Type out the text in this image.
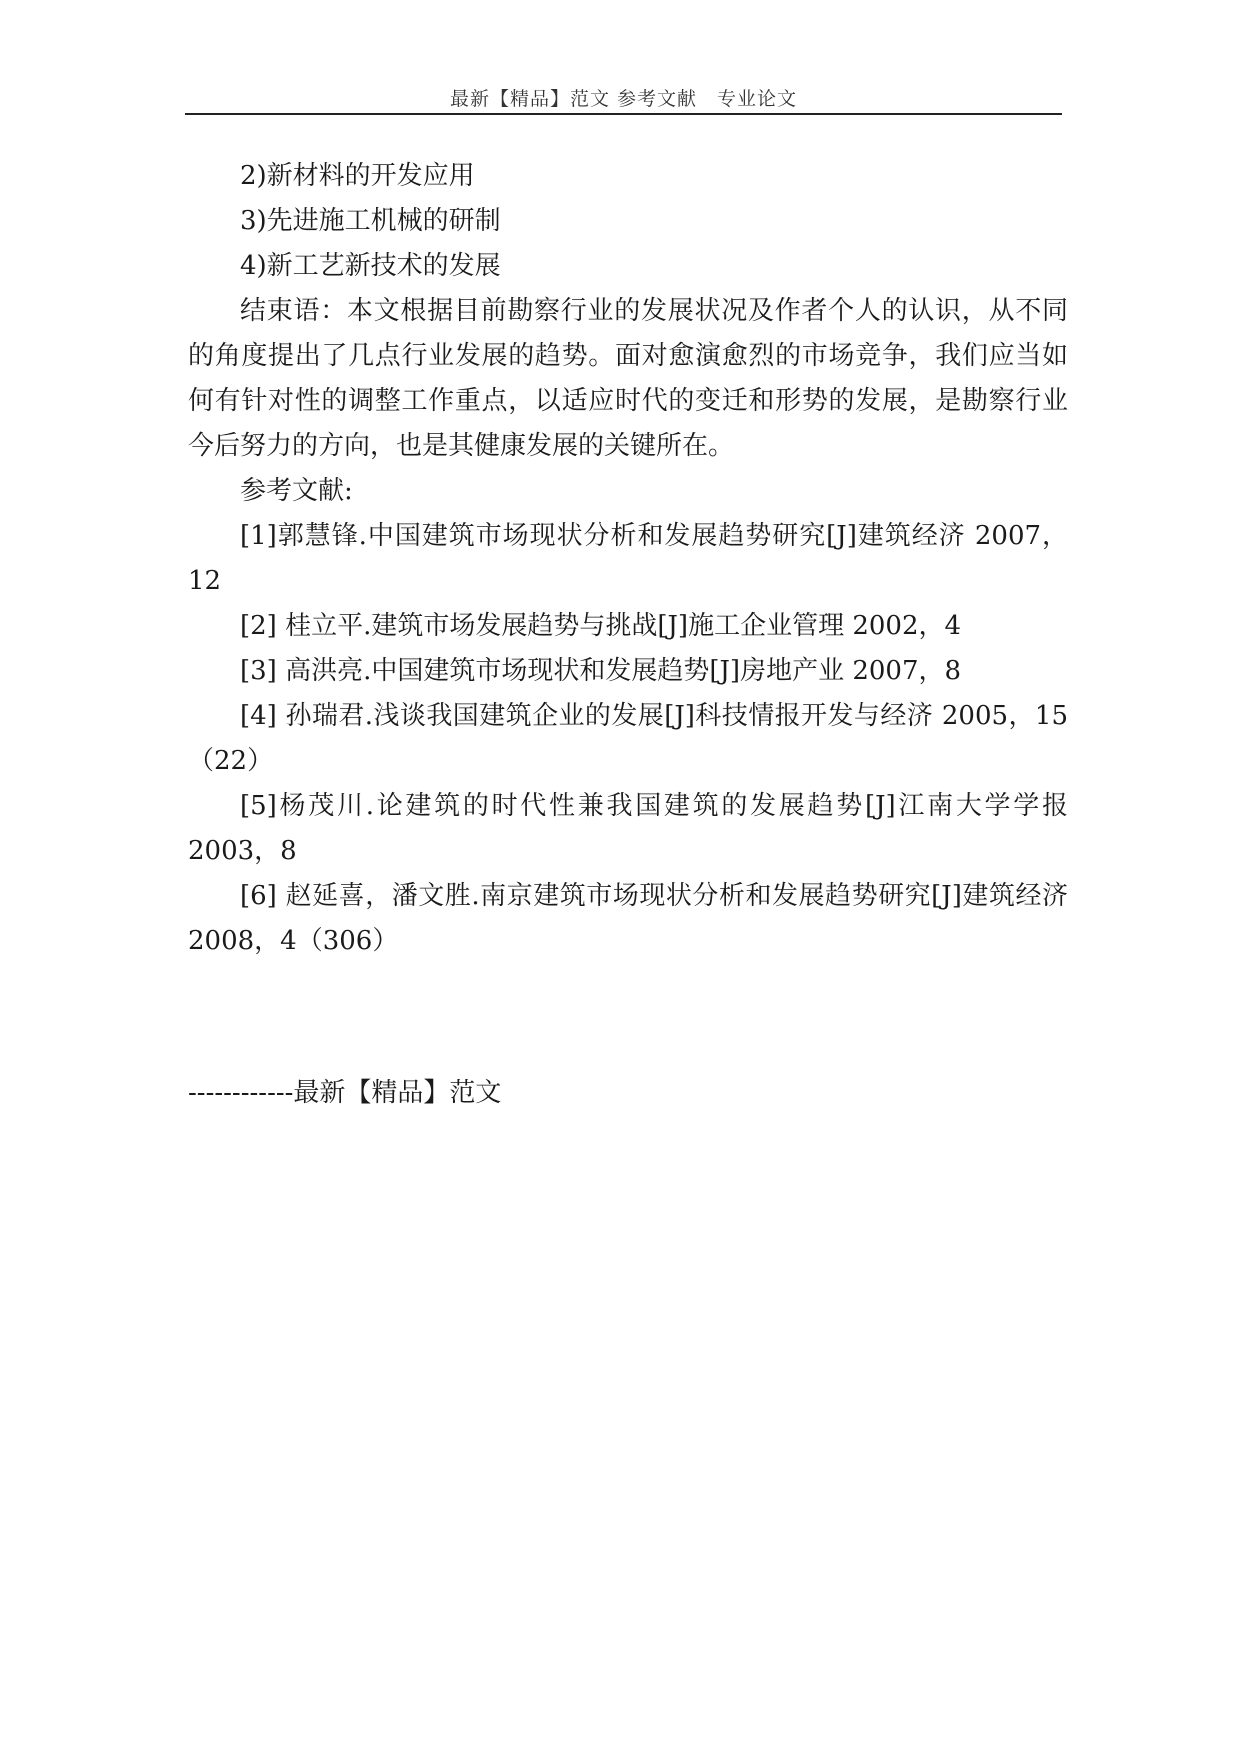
最新【精品】范文 参考文献　专业论文

2)新材料的开发应用

3)先进施工机械的研制

4)新工艺新技术的发展

结束语：本文根据目前勘察行业的发展状况及作者个人的认识，从不同的角度提出了几点行业发展的趋势。面对愈演愈烈的市场竞争，我们应当如何有针对性的调整工作重点，以适应时代的变迁和形势的发展，是勘察行业今后努力的方向，也是其健康发展的关键所在。

参考文献:

[1]郭慧锋.中国建筑市场现状分析和发展趋势研究[J]建筑经济 2007，12

[2] 桂立平.建筑市场发展趋势与挑战[J]施工企业管理 2002，4

[3] 高洪亮.中国建筑市场现状和发展趋势[J]房地产业 2007，8

[4] 孙瑞君.浅谈我国建筑企业的发展[J]科技情报开发与经济 2005，15（22）

[5]杨茂川.论建筑的时代性兼我国建筑的发展趋势[J]江南大学学报 2003，8

[6] 赵延喜，潘文胜.南京建筑市场现状分析和发展趋势研究[J]建筑经济 2008，4（306）

------------最新【精品】范文
